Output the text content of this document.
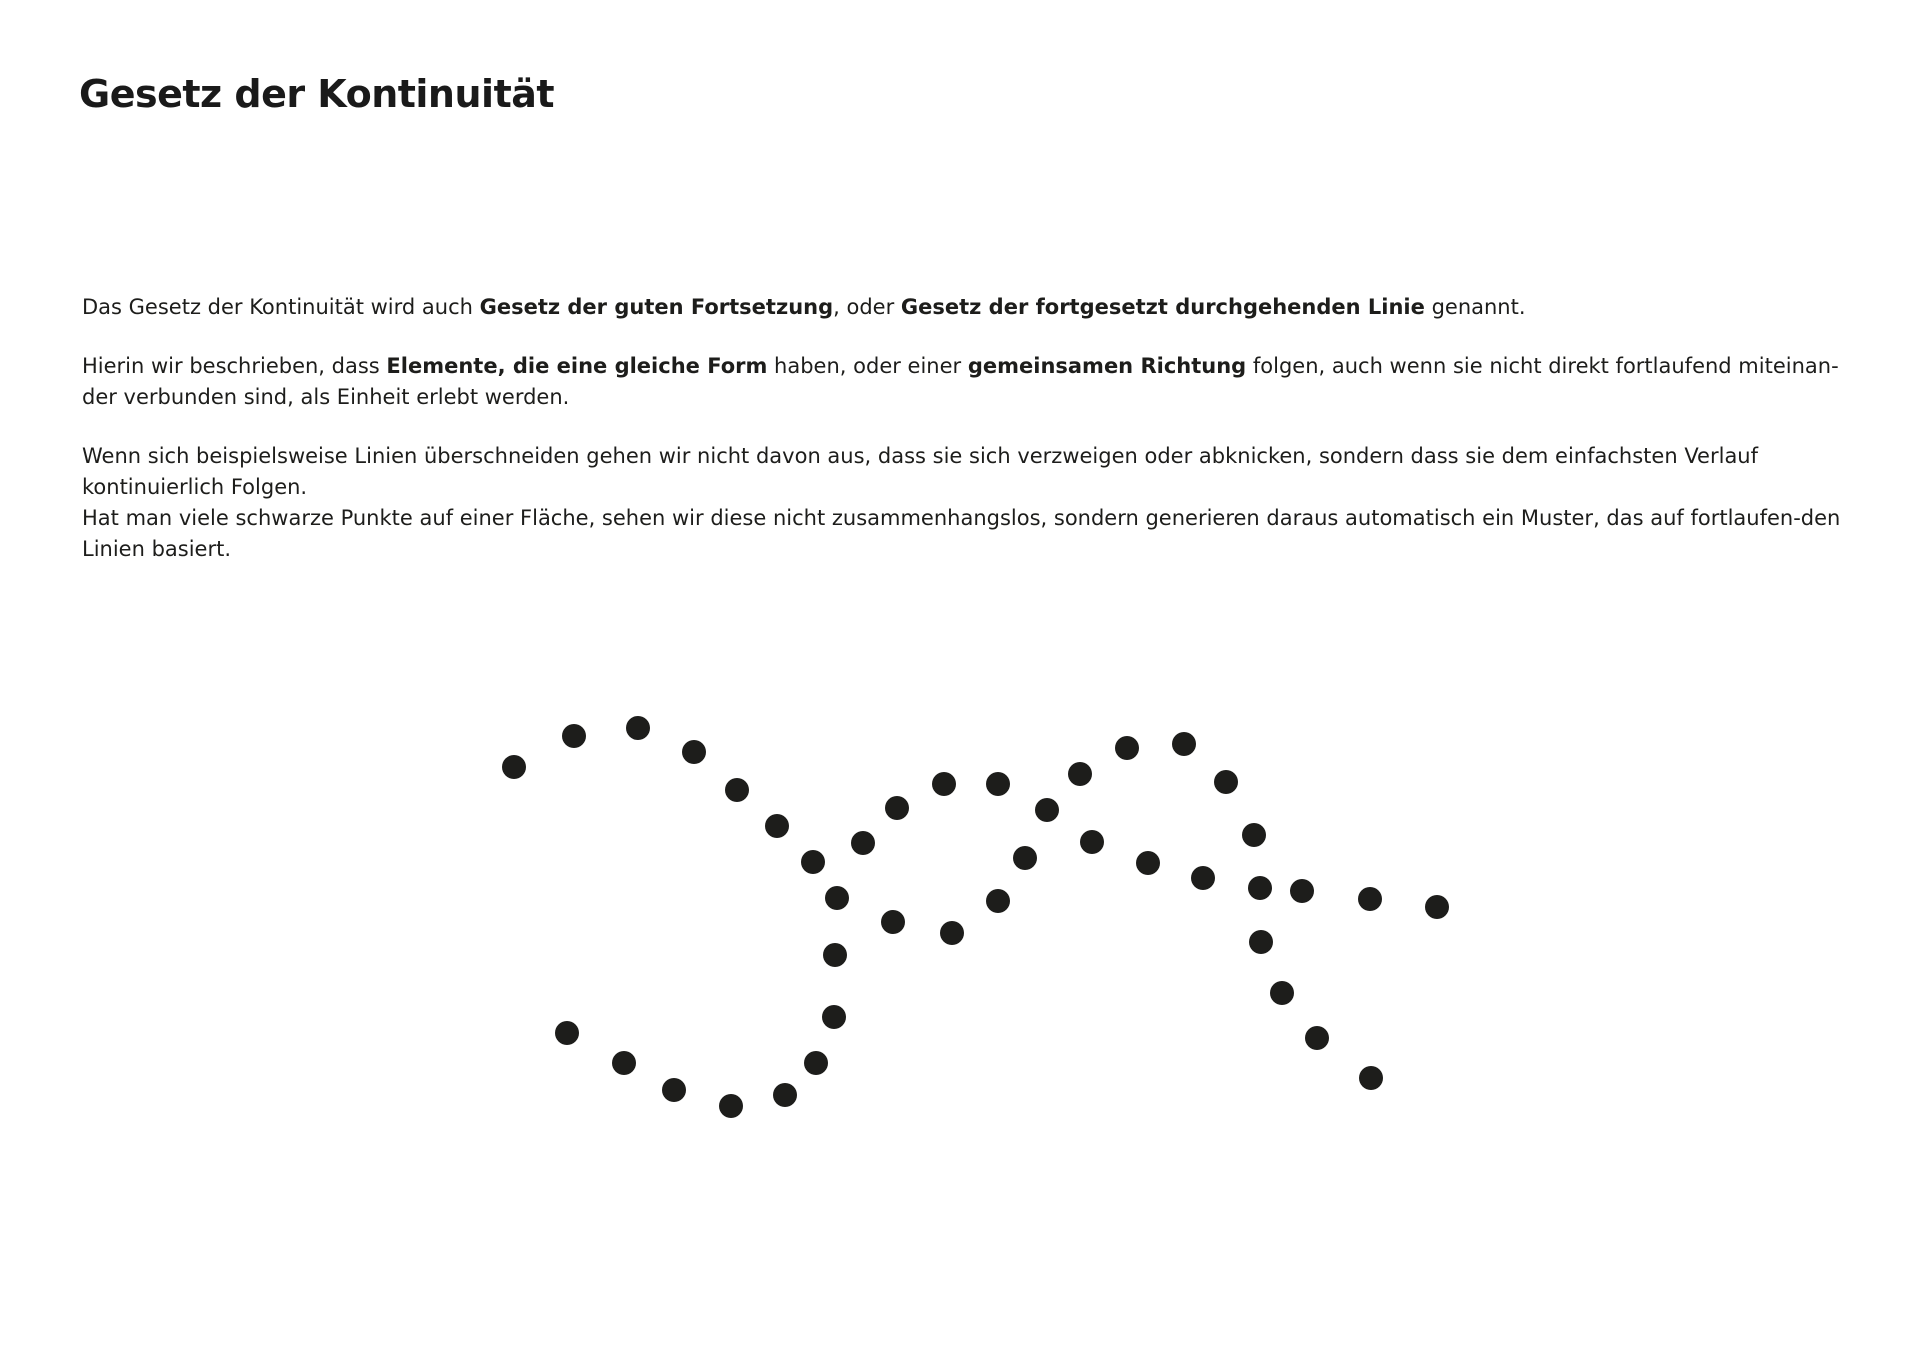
Gesetz der Kontinuität

Das Gesetz der Kontinuität wird auch Gesetz der guten Fortsetzung, oder Gesetz der fortgesetzt durchgehenden Linie genannt.

Hierin wir beschrieben, dass Elemente, die eine gleiche Form haben, oder einer gemeinsamen Richtung folgen, auch wenn sie nicht direkt fortlaufend miteinan-der verbunden sind, als Einheit erlebt werden.

Wenn sich beispielsweise Linien überschneiden gehen wir nicht davon aus, dass sie sich verzweigen oder abknicken, sondern dass sie dem einfachsten Verlauf kontinuierlich Folgen.

Hat man viele schwarze Punkte auf einer Fläche, sehen wir diese nicht zusammenhangslos, sondern generieren daraus automatisch ein Muster, das auf fortlaufen-den Linien basiert.
